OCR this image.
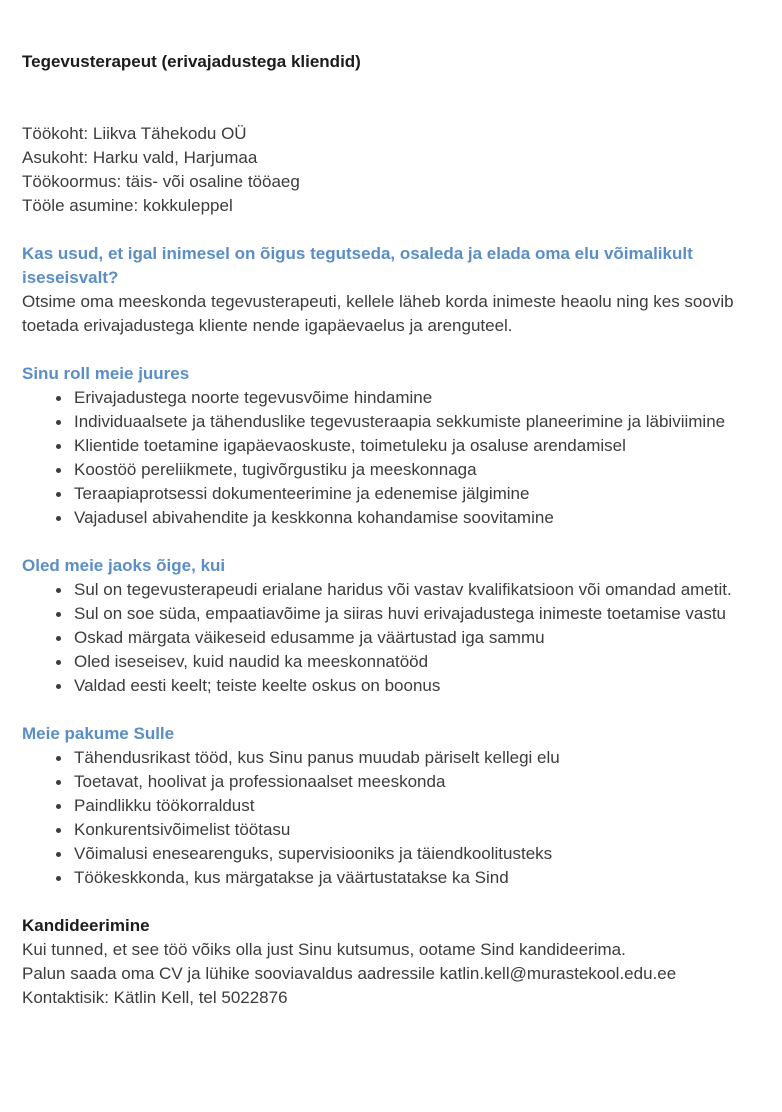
Tegevusterapeut (erivajadustega kliendid)

Töökoht: Liikva Tähekodu OÜ

Asukoht: Harku vald, Harjumaa

Töökoormus: täis- või osaline tööaeg

Tööle asumine: kokkuleppel

Kas usud, et igal inimesel on õigus tegutseda, osaleda ja elada oma elu võimalikult iseseisvalt?

Otsime oma meeskonda tegevusterapeuti, kellele läheb korda inimeste heaolu ning kes soovib toetada erivajadustega kliente nende igapäevaelus ja arenguteel.

Sinu roll meie juures

Erivajadustega noorte tegevusvõime hindamine
Individuaalsete ja tähenduslike tegevusteraapia sekkumiste planeerimine ja läbiviimine
Klientide toetamine igapäevaoskuste, toimetuleku ja osaluse arendamisel
Koostöö pereliikmete, tugivõrgustiku ja meeskonnaga
Teraapiaprotsessi dokumenteerimine ja edenemise jälgimine
Vajadusel abivahendite ja keskkonna kohandamise soovitamine

Oled meie jaoks õige, kui

Sul on tegevusterapeudi erialane haridus või vastav kvalifikatsioon või omandad ametit.
Sul on soe süda, empaatiavõime ja siiras huvi erivajadustega inimeste toetamise vastu
Oskad märgata väikeseid edusamme ja väärtustad iga sammu
Oled iseseisev, kuid naudid ka meeskonnatööd
Valdad eesti keelt; teiste keelte oskus on boonus

Meie pakume Sulle

Tähendusrikast tööd, kus Sinu panus muudab päriselt kellegi elu
Toetavat, hoolivat ja professionaalset meeskonda
Paindlikku töökorraldust
Konkurentsivõimelist töötasu
Võimalusi enesearenguks, supervisiooniks ja täiendkoolitusteks
Töökeskkonda, kus märgatakse ja väärtustatakse ka Sind

Kandideerimine

Kui tunned, et see töö võiks olla just Sinu kutsumus, ootame Sind kandideerima.

Palun saada oma CV ja lühike sooviavaldus aadressile katlin.kell@murastekool.edu.ee

Kontaktisik: Kätlin Kell, tel 5022876
